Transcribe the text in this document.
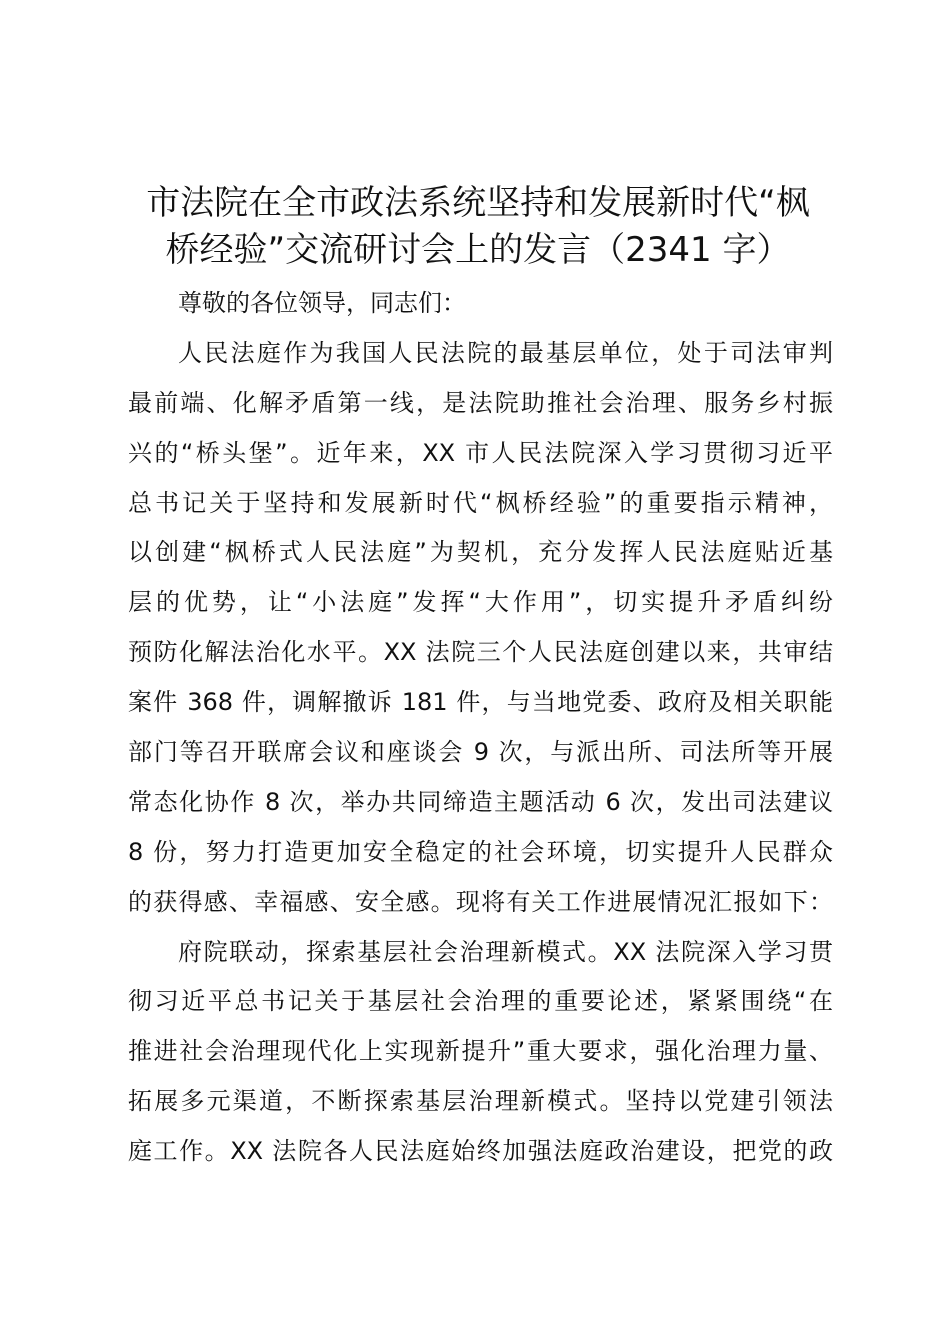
市法院在全市政法系统坚持和发展新时代“枫
桥经验”交流研讨会上的发言（2341 字）
尊敬的各位领导，同志们：
人民法庭作为我国人民法院的最基层单位，处于司法审判
最前端、化解矛盾第一线，是法院助推社会治理、服务乡村振
兴的“桥头堡”。近年来，XX 市人民法院深入学习贯彻习近平
总书记关于坚持和发展新时代“枫桥经验”的重要指示精神，
以创建“枫桥式人民法庭”为契机，充分发挥人民法庭贴近基
层的优势，让“小法庭”发挥“大作用”，切实提升矛盾纠纷
预防化解法治化水平。XX 法院三个人民法庭创建以来，共审结
案件 368 件，调解撤诉 181 件，与当地党委、政府及相关职能
部门等召开联席会议和座谈会 9 次，与派出所、司法所等开展
常态化协作 8 次，举办共同缔造主题活动 6 次，发出司法建议
8 份，努力打造更加安全稳定的社会环境，切实提升人民群众
的获得感、幸福感、安全感。现将有关工作进展情况汇报如下：
府院联动，探索基层社会治理新模式。XX 法院深入学习贯
彻习近平总书记关于基层社会治理的重要论述，紧紧围绕“在
推进社会治理现代化上实现新提升”重大要求，强化治理力量、
拓展多元渠道，不断探索基层治理新模式。坚持以党建引领法
庭工作。XX 法院各人民法庭始终加强法庭政治建设，把党的政
